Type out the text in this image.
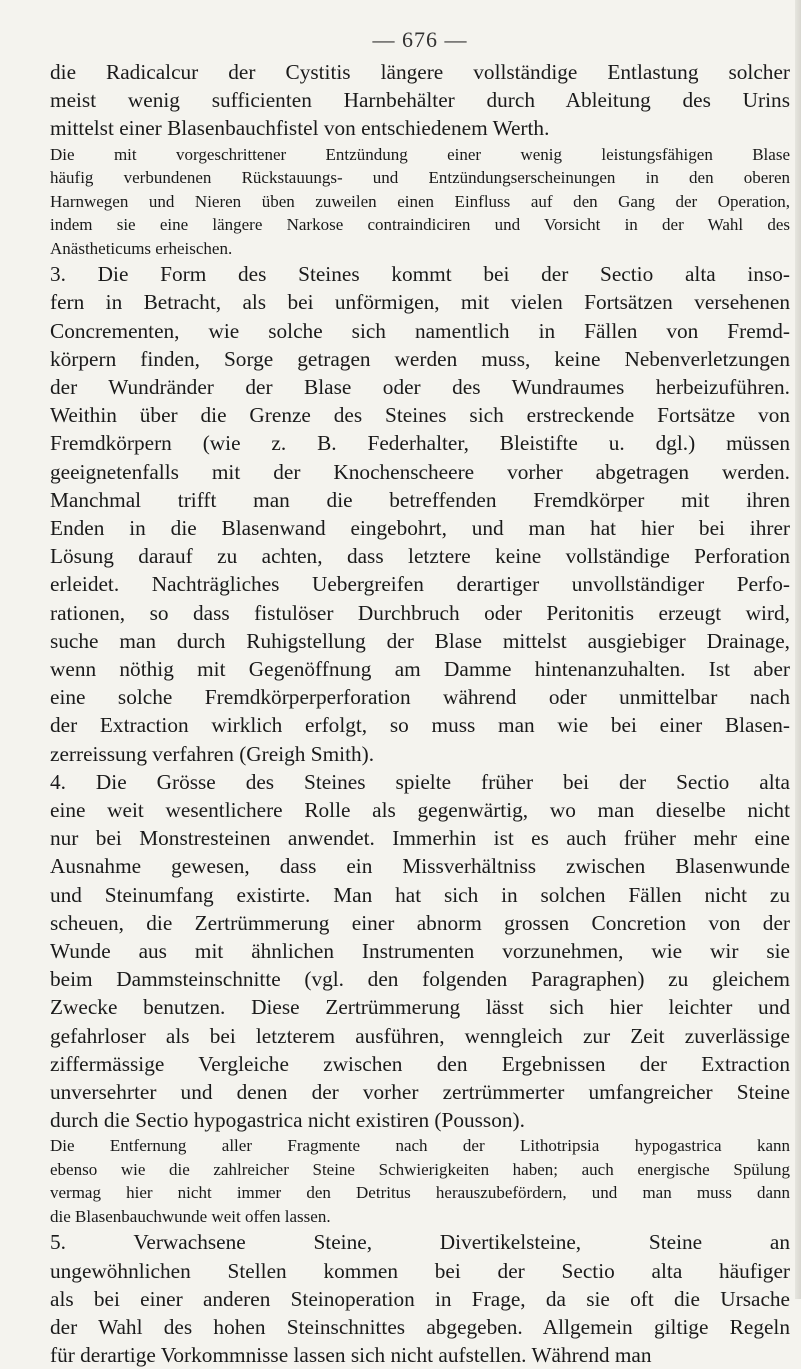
— 676 —

die Radicalcur der Cystitis längere vollständige Entlastung solcher
meist wenig sufficienten Harnbehälter durch Ableitung des Urins
mittelst einer Blasenbauchfistel von entschiedenem Werth.

Die mit vorgeschrittener Entzündung einer wenig leistungsfähigen Blase
häufig verbundenen Rückstauungs- und Entzündungserscheinungen in den oberen
Harnwegen und Nieren üben zuweilen einen Einfluss auf den Gang der Operation,
indem sie eine längere Narkose contraindiciren und Vorsicht in der Wahl des
Anästheticums erheischen.

3. Die Form des Steines kommt bei der Sectio alta inso-
fern in Betracht, als bei unförmigen, mit vielen Fortsätzen versehenen
Concrementen, wie solche sich namentlich in Fällen von Fremd-
körpern finden, Sorge getragen werden muss, keine Nebenverletzungen
der Wundränder der Blase oder des Wundraumes herbeizuführen.
Weithin über die Grenze des Steines sich erstreckende Fortsätze von
Fremdkörpern (wie z. B. Federhalter, Bleistifte u. dgl.) müssen
geeignetenfalls mit der Knochenscheere vorher abgetragen werden.
Manchmal trifft man die betreffenden Fremdkörper mit ihren
Enden in die Blasenwand eingebohrt, und man hat hier bei ihrer
Lösung darauf zu achten, dass letztere keine vollständige Perforation
erleidet. Nachträgliches Uebergreifen derartiger unvollständiger Perfo-
rationen, so dass fistulöser Durchbruch oder Peritonitis erzeugt wird,
suche man durch Ruhigstellung der Blase mittelst ausgiebiger Drainage,
wenn nöthig mit Gegenöffnung am Damme hintenanzuhalten. Ist aber
eine solche Fremdkörperperforation während oder unmittelbar nach
der Extraction wirklich erfolgt, so muss man wie bei einer Blasen-
zerreissung verfahren (Greigh Smith).
4. Die Grösse des Steines spielte früher bei der Sectio alta
eine weit wesentlichere Rolle als gegenwärtig, wo man dieselbe nicht
nur bei Monstresteinen anwendet. Immerhin ist es auch früher mehr eine
Ausnahme gewesen, dass ein Missverhältniss zwischen Blasenwunde
und Steinumfang existirte. Man hat sich in solchen Fällen nicht zu
scheuen, die Zertrümmerung einer abnorm grossen Concretion von der
Wunde aus mit ähnlichen Instrumenten vorzunehmen, wie wir sie
beim Dammsteinschnitte (vgl. den folgenden Paragraphen) zu gleichem
Zwecke benutzen. Diese Zertrümmerung lässt sich hier leichter und
gefahrloser als bei letzterem ausführen, wenngleich zur Zeit zuverlässige
ziffermässige Vergleiche zwischen den Ergebnissen der Extraction
unversehrter und denen der vorher zertrümmerter umfangreicher Steine
durch die Sectio hypogastrica nicht existiren (Pousson).

Die Entfernung aller Fragmente nach der Lithotripsia hypogastrica kann
ebenso wie die zahlreicher Steine Schwierigkeiten haben; auch energische Spülung
vermag hier nicht immer den Detritus herauszubefördern, und man muss dann
die Blasenbauchwunde weit offen lassen.

5. Verwachsene Steine, Divertikelsteine, Steine an
ungewöhnlichen Stellen kommen bei der Sectio alta häufiger
als bei einer anderen Steinoperation in Frage, da sie oft die Ursache
der Wahl des hohen Steinschnittes abgegeben. Allgemein giltige Regeln
für derartige Vorkommnisse lassen sich nicht aufstellen. Während man
